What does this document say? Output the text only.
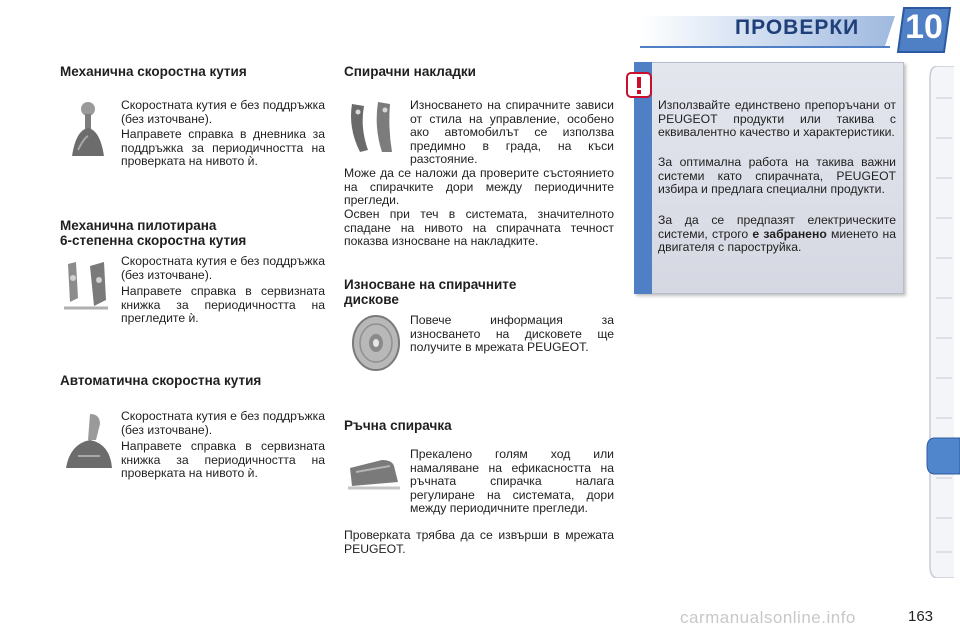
ПРОВЕРКИ 10
Механична скоростна кутия
Скоростната кутия е без поддръжка (без източване).
Направете справка в дневника за поддръжка за периодичността на проверката на нивото ѝ.
Механична пилотирана
6-степенна скоростна кутия
Скоростната кутия е без поддръжка (без източване).
Направете справка в сервизната книжка за периодичността на прегледите ѝ.
Автоматична скоростна кутия
Скоростната кутия е без поддръжка (без източване).
Направете справка в сервизната книжка за периодичността на проверката на нивото ѝ.
Спирачни накладки
Износването на спирачните зависи от стила на управление, особено ако автомобилът се използва предимно в града, на къси разстояние.
Може да се наложи да проверите състоянието на спирачките дори между периодичните прегледи.
Освен при теч в системата, значителното спадане на нивото на спирачната течност показва износване на накладките.
Износване на спирачните
дискове
Повече информация за износването на дисковете ще получите в мрежата PEUGEOT.
Ръчна спирачка
Прекалено голям ход или намаляване на ефикасността на ръчната спирачка налага регулиране на системата, дори между периодичните прегледи.
Проверката трябва да се извърши в мрежата PEUGEOT.
Използвайте единствено препоръчани от PEUGEOT продукти или такива с еквивалентно качество и характеристики.
За оптимална работа на такива важни системи като спирачната, PEUGEOT избира и предлага специални продукти.
За да се предпазят електрическите системи, строго е забранено миенето на двигателя с пароструйка.
carmanualsonline.info	163
